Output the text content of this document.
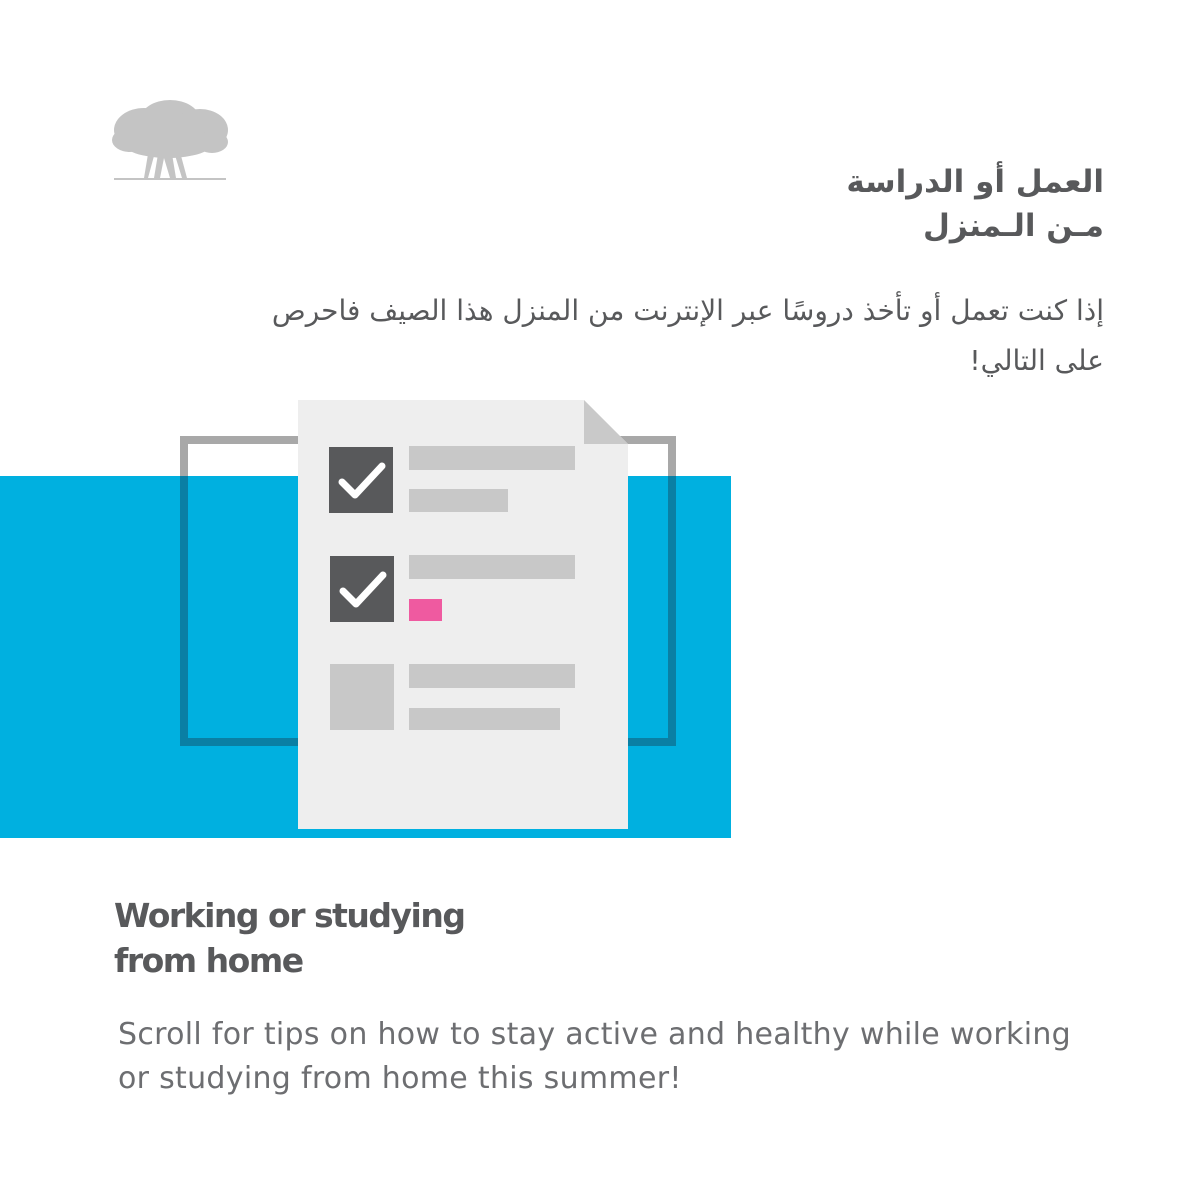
العمل أو الدراسة
مـن الـمنزل
إذا كنت تعمل أو تأخذ دروسًا عبر الإنترنت من المنزل هذا الصيف فاحرص
على التالي!
Working or studying
from home
Scroll for tips on how to stay active and healthy while working
or studying from home this summer!
